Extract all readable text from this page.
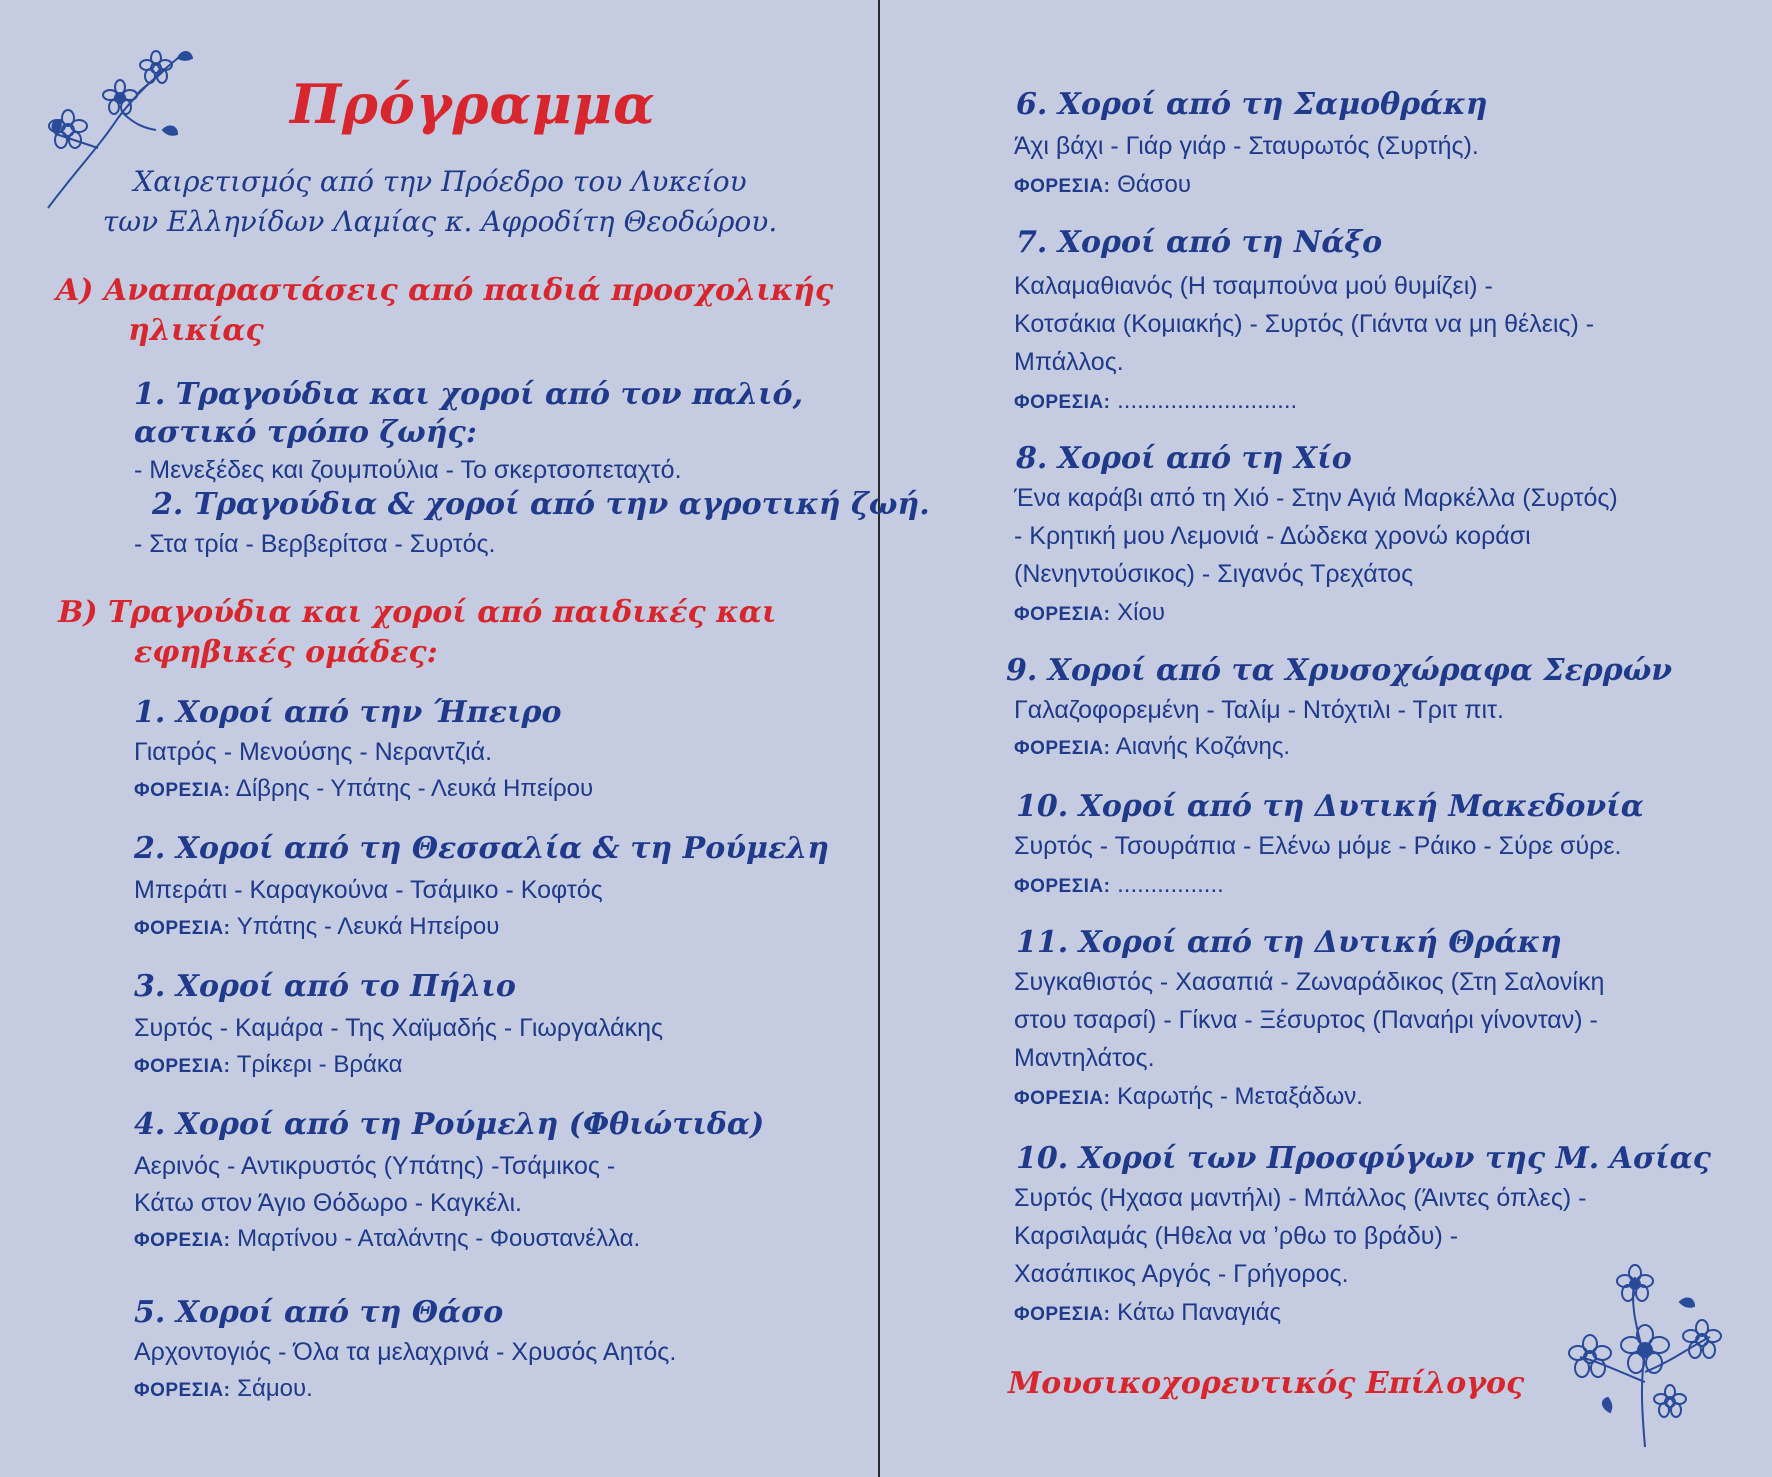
Πρόγραμμα
Χαιρετισμός από την Πρόεδρο του Λυκείου
των Ελληνίδων Λαμίας κ. Αφροδίτη Θεοδώρου.
Α) Αναπαραστάσεις από παιδιά προσχολικής
ηλικίας
1. Τραγούδια και χοροί από τον παλιό,
αστικό τρόπο ζωής:
- Μενεξέδες και ζουμπούλια - Το σκερτσοπεταχτό.
2. Τραγούδια & χοροί από την αγροτική ζωή.
- Στα τρία - Βερβερίτσα - Συρτός.
Β) Τραγούδια και χοροί από παιδικές και
εφηβικές ομάδες:
1. Χοροί από την Ήπειρο
Γιατρός - Μενούσης - Νεραντζιά.
ΦΟΡΕΣΙΑ: Δίβρης - Υπάτης - Λευκά Ηπείρου
2. Χοροί από τη Θεσσαλία & τη Ρούμελη
Μπεράτι - Καραγκούνα - Τσάμικο - Κοφτός
ΦΟΡΕΣΙΑ: Υπάτης - Λευκά Ηπείρου
3. Χοροί από το Πήλιο
Συρτός - Καμάρα - Της Χαϊμαδής - Γιωργαλάκης
ΦΟΡΕΣΙΑ: Τρίκερι - Βράκα
4. Χοροί από τη Ρούμελη (Φθιώτιδα)
Αερινός - Αντικρυστός (Υπάτης) -Τσάμικος -
Κάτω στον Άγιο Θόδωρο - Καγκέλι.
ΦΟΡΕΣΙΑ: Μαρτίνου - Αταλάντης - Φουστανέλλα.
5. Χοροί από τη Θάσο
Αρχοντογιός - Όλα τα μελαχρινά - Χρυσός Αητός.
ΦΟΡΕΣΙΑ: Σάμου.
6. Χοροί από τη Σαμοθράκη
Άχι βάχι - Γιάρ γιάρ - Σταυρωτός (Συρτής).
ΦΟΡΕΣΙΑ: Θάσου
7. Χοροί από τη Νάξο
Καλαμαθιανός (Η τσαμπούνα μού θυμίζει) -
Κοτσάκια (Κομιακής) - Συρτός (Γιάντα να μη θέλεις) -
Μπάλλος.
ΦΟΡΕΣΙΑ: ...........................
8. Χοροί από τη Χίο
Ένα καράβι από τη Χιό - Στην Αγιά Μαρκέλλα (Συρτός)
- Κρητική μου Λεμονιά - Δώδεκα χρονώ κοράσι
(Νενηντούσικος) - Σιγανός Τρεχάτος
ΦΟΡΕΣΙΑ: Χίου
9. Χοροί από τα Χρυσοχώραφα Σερρών
Γαλαζοφορεμένη - Ταλίμ - Ντόχτιλι - Τριτ πιτ.
ΦΟΡΕΣΙΑ: Αιανής Κοζάνης.
10. Χοροί από τη Δυτική Μακεδονία
Συρτός - Τσουράπια - Ελένω μόμε - Ράικο - Σύρε σύρε.
ΦΟΡΕΣΙΑ: ................
11. Χοροί από τη Δυτική Θράκη
Συγκαθιστός - Χασαπιά - Ζωναράδικος (Στη Σαλονίκη
στου τσαρσί) - Γίκνα - Ξέσυρτος (Παναήρι γίνονταν) -
Μαντηλάτος.
ΦΟΡΕΣΙΑ: Καρωτής - Μεταξάδων.
10. Χοροί των Προσφύγων της Μ. Ασίας
Συρτός (Ηχασα μαντήλι) - Μπάλλος (Άιντες όπλες) -
Καρσιλαμάς (Ηθελα να ’ρθω το βράδυ) -
Χασάπικος Αργός - Γρήγορος.
ΦΟΡΕΣΙΑ: Κάτω Παναγιάς
Μουσικοχορευτικός Επίλογος
